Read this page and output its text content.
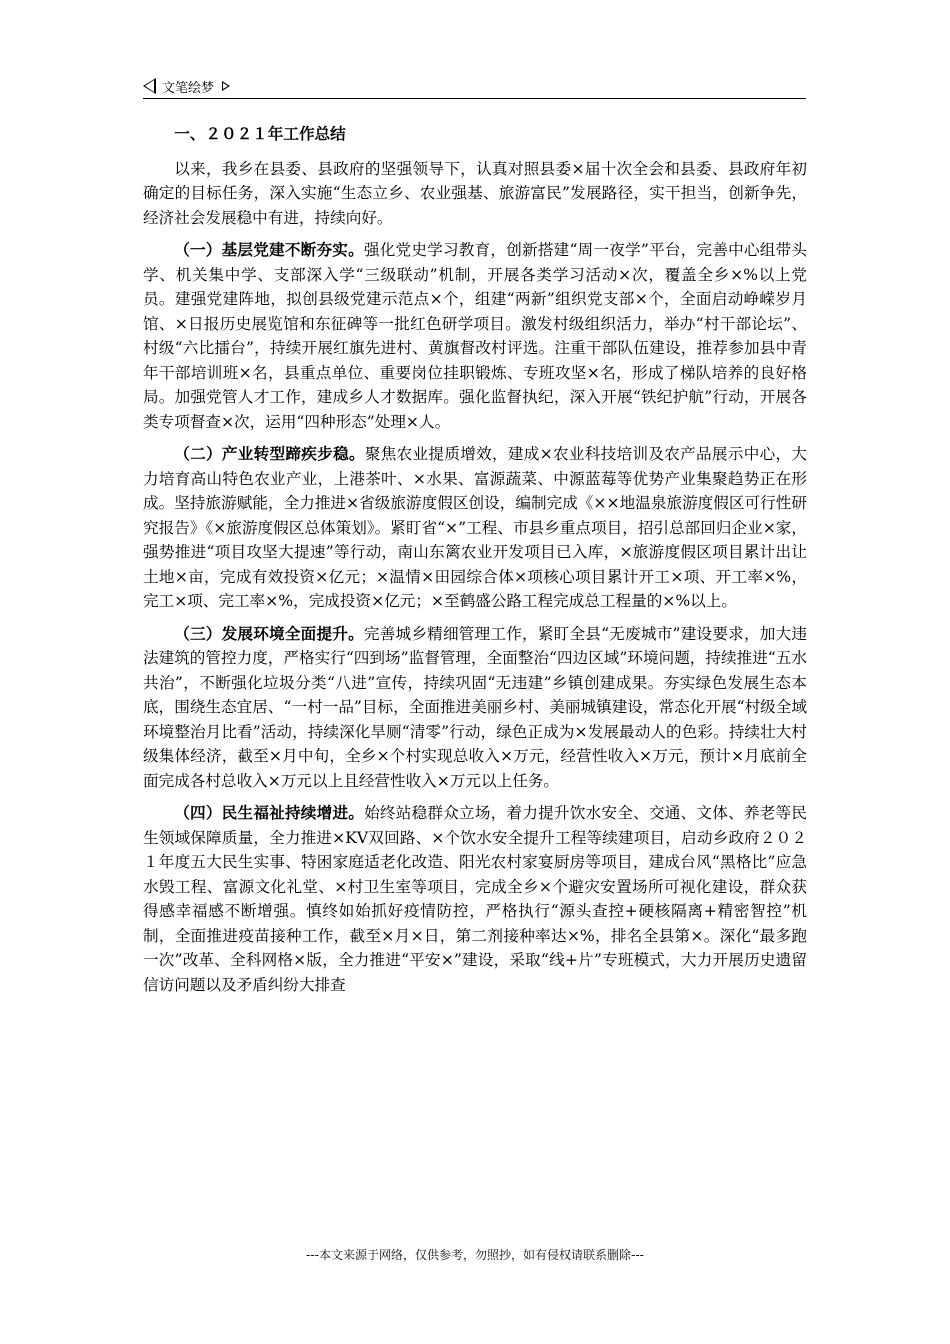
文笔绘梦
一、２０２１年工作总结

以来，我乡在县委、县政府的坚强领导下，认真对照县委×届十次全会和县委、县政府年初确定的目标任务，深入实施“生态立乡、农业强基、旅游富民”发展路径，实干担当，创新争先，经济社会发展稳中有进，持续向好。

（一）基层党建不断夯实。强化党史学习教育，创新搭建“周一夜学”平台，完善中心组带头学、机关集中学、支部深入学“三级联动”机制，开展各类学习活动×次，覆盖全乡×%以上党员。建强党建阵地，拟创县级党建示范点×个，组建“两新”组织党支部×个，全面启动峥嵘岁月馆、×日报历史展览馆和东征碑等一批红色研学项目。激发村级组织活力，举办“村干部论坛”、村级“六比擂台”，持续开展红旗先进村、黄旗督改村评选。注重干部队伍建设，推荐参加县中青年干部培训班×名，县重点单位、重要岗位挂职锻炼、专班攻坚×名，形成了梯队培养的良好格局。加强党管人才工作，建成乡人才数据库。强化监督执纪，深入开展“铁纪护航”行动，开展各类专项督查×次，运用“四种形态”处理×人。

（二）产业转型蹄疾步稳。聚焦农业提质增效，建成×农业科技培训及农产品展示中心，大力培育高山特色农业产业，上港茶叶、×水果、富源蔬菜、中源蓝莓等优势产业集聚趋势正在形成。坚持旅游赋能，全力推进×省级旅游度假区创设，编制完成《××地温泉旅游度假区可行性研究报告》《×旅游度假区总体策划》。紧盯省“×”工程、市县乡重点项目，招引总部回归企业×家，强势推进“项目攻坚大提速”等行动，南山东篱农业开发项目已入库，×旅游度假区项目累计出让土地×亩，完成有效投资×亿元；×温情×田园综合体×项核心项目累计开工×项、开工率×%，完工×项、完工率×%，完成投资×亿元；×至鹤盛公路工程完成总工程量的×%以上。

（三）发展环境全面提升。完善城乡精细管理工作，紧盯全县“无废城市”建设要求，加大违法建筑的管控力度，严格实行“四到场”监督管理，全面整治“四边区域”环境问题，持续推进“五水共治”，不断强化垃圾分类“八进”宣传，持续巩固“无违建”乡镇创建成果。夯实绿色发展生态本底，围绕生态宜居、“一村一品”目标，全面推进美丽乡村、美丽城镇建设，常态化开展“村级全域环境整治月比看”活动，持续深化旱厕“清零”行动，绿色正成为×发展最动人的色彩。持续壮大村级集体经济，截至×月中旬，全乡×个村实现总收入×万元，经营性收入×万元，预计×月底前全面完成各村总收入×万元以上且经营性收入×万元以上任务。

（四）民生福祉持续增进。始终站稳群众立场，着力提升饮水安全、交通、文体、养老等民生领域保障质量，全力推进×KV双回路、×个饮水安全提升工程等续建项目，启动乡政府２０２１年度五大民生实事、特困家庭适老化改造、阳光农村家宴厨房等项目，建成台风“黑格比”应急水毁工程、富源文化礼堂、×村卫生室等项目，完成全乡×个避灾安置场所可视化建设，群众获得感幸福感不断增强。慎终如始抓好疫情防控，严格执行“源头查控+硬核隔离+精密智控”机制，全面推进疫苗接种工作，截至×月×日，第二剂接种率达×%，排名全县第×。深化“最多跑一次”改革、全科网格×版，全力推进“平安×”建设，采取“线+片”专班模式，大力开展历史遗留信访问题以及矛盾纠纷大排查

---本文来源于网络，仅供参考，勿照抄，如有侵权请联系删除---
